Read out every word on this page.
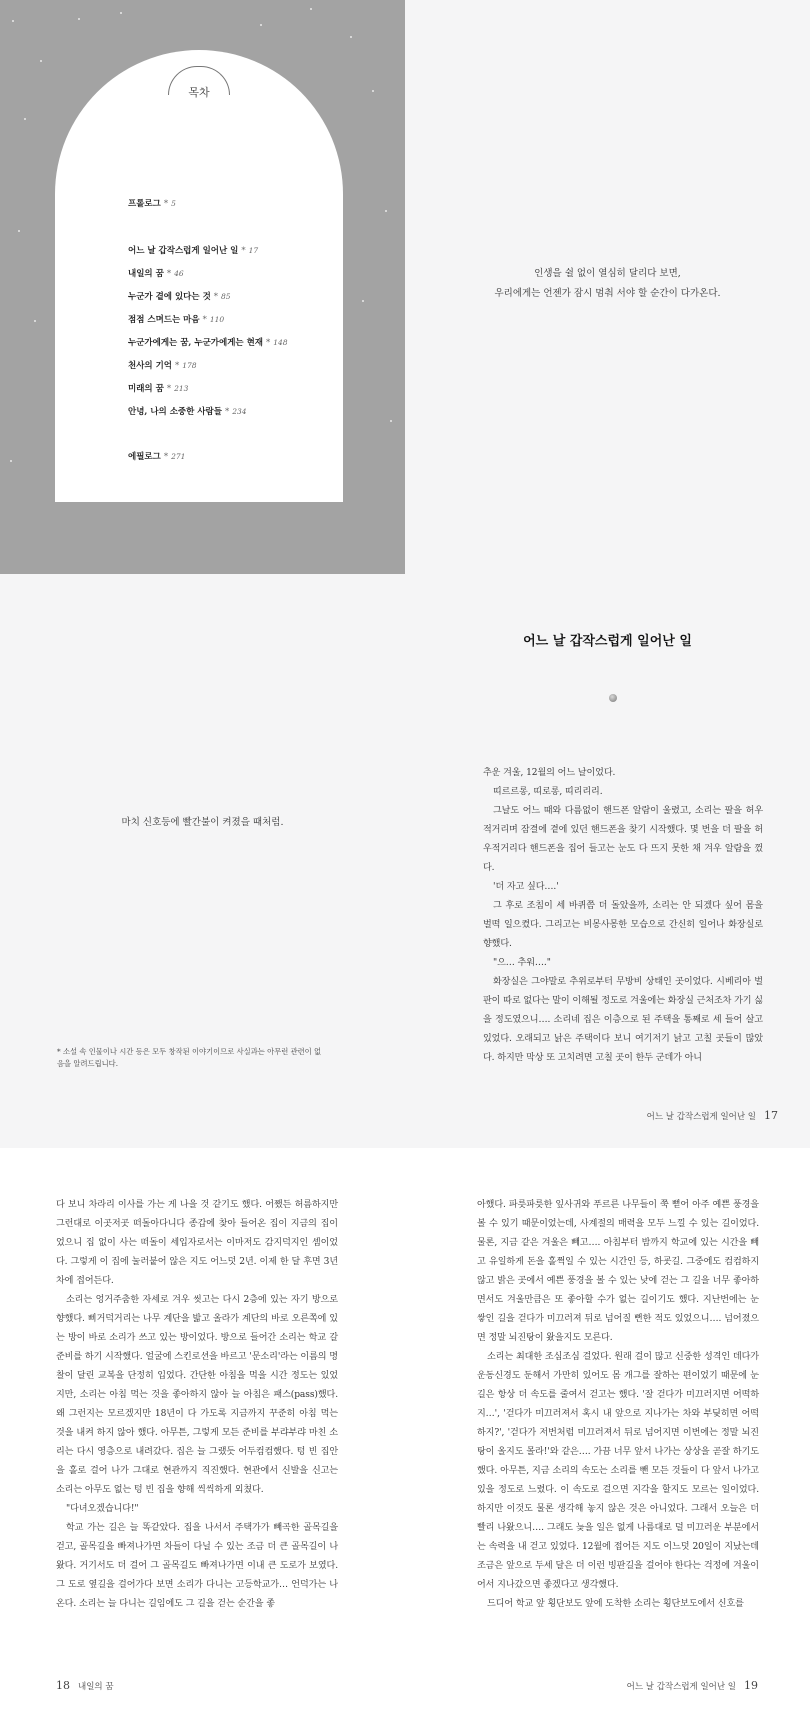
목차
프롤로그 * 5
어느 날 갑작스럽게 일어난 일 * 17
내일의 꿈 * 46
누군가 곁에 있다는 것 * 85
점점 스며드는 마음 * 110
누군가에게는 꿈, 누군가에게는 현재 * 148
천사의 기억 * 178
미래의 꿈 * 213
안녕, 나의 소중한 사람들 * 234
에필로그 * 271
인생을 쉴 없이 열심히 달리다 보면,
우리에게는 언젠가 잠시 멈춰 서야 할 순간이 다가온다.
마치 신호등에 빨간불이 켜졌을 때처럼.
* 소설 속 인물이나 시간 등은 모두 창작된 이야기이므로 사실과는 아무런 관련이 없
음을 알려드립니다.
어느 날 갑작스럽게 일어난 일

추운 겨울, 12월의 어느 날이었다.

띠르르롱, 띠로롱, 띠리리리.

그날도 어느 때와 다름없이 핸드폰 알람이 울렸고, 소리는 팔을 허우적거리며 잠결에 곁에 있던 핸드폰을 찾기 시작했다. 몇 번을 더 팔을 허우적거리다 핸드폰을 집어 들고는 눈도 다 뜨지 못한 채 겨우 알람을 껐다.

'더 자고 싶다….'

그 후로 조침이 세 바퀴쯤 더 돌았을까, 소리는 안 되겠다 싶어 몸을 벌떡 일으켰다. 그리고는 비몽사몽한 모습으로 간신히 일어나 화장실로 향했다.

"으… 추워…."

화장실은 그야말로 추위로부터 무방비 상태인 곳이었다. 시베리아 벌판이 따로 없다는 말이 이해될 정도로 겨울에는 화장실 근처조차 가기 싫을 정도였으니…. 소리네 집은 이층으로 된 주택을 통째로 세 들어 살고 있었다. 오래되고 낡은 주택이다 보니 여기저기 낡고 고칠 곳들이 많았다. 하지만 막상 또 고치려면 고칠 곳이 한두 군데가 아니

어느 날 갑작스럽게 일어난 일 17

다 보니 차라리 이사를 가는 게 나을 것 같기도 했다. 어쨌든 허름하지만 그런대로 이곳저곳 떠돌아다니다 종갑에 찾아 들어온 집이 지금의 집이었으니 집 없이 사는 떠돌이 세입자로서는 이마저도 감지덕지인 셈이었다. 그렇게 이 집에 눌러붙어 않은 지도 어느덧 2년. 이제 한 달 후면 3년 차에 접어든다.

소리는 엉거주춤한 자세로 겨우 씻고는 다시 2층에 있는 자기 방으로 향했다. 삐거덕거리는 나무 계단을 밟고 올라가 계단의 바로 오른쪽에 있는 방이 바로 소리가 쓰고 있는 방이었다. 방으로 들어간 소리는 학교 갈 준비를 하기 시작했다. 얼굴에 스킨로션을 바르고 '문소리'라는 이름의 명찰이 달린 교복을 단정히 입었다. 간단한 아침을 먹을 시간 정도는 있었지만, 소리는 아침 먹는 것을 좋아하지 않아 늘 아침은 패스(pass)했다. 왜 그런지는 모르겠지만 18년이 다 가도록 지금까지 꾸준히 아침 먹는 것을 내켜 하지 않아 했다. 아무튼, 그렇게 모든 준비를 부랴부랴 마친 소리는 다시 영층으로 내려갔다. 집은 늘 그랬듯 어두컴컴했다. 텅 빈 집안을 홀로 걸어 나가 그대로 현관까지 직진했다. 현관에서 신발을 신고는 소리는 아무도 없는 텅 빈 집을 향해 씩씩하게 외쳤다.

"다녀오겠습니다!"

학교 가는 길은 늘 똑같았다. 집을 나서서 주택가가 빼곡한 골목길을 걷고, 골목길을 빠져나가면 차들이 다닐 수 있는 조금 더 큰 골목길이 나왔다. 거기서도 더 걸어 그 골목길도 빠져나가면 이내 큰 도로가 보였다. 그 도로 옆길을 걸어가다 보면 소리가 다니는 고등학교가… 언덕가는 나온다. 소리는 늘 다니는 길임에도 그 길을 걷는 순간을 좋

18 내일의 꿈

아했다. 파릇파릇한 잎사귀와 푸르른 나무들이 쭉 뻗어 아주 예쁜 풍경을 볼 수 있기 때문이었는데, 사계절의 매력을 모두 느낄 수 있는 길이었다. 물론, 지금 같은 겨울은 빼고…. 아침부터 밤까지 학교에 있는 시간을 빼고 유일하게 돈을 홀쩍일 수 있는 시간인 등, 하굣길. 그중에도 컴컴하지 않고 밝은 곳에서 예쁜 풍경을 볼 수 있는 낮에 걷는 그 길을 너무 좋아하면서도 겨울만큼은 또 좋아할 수가 없는 길이기도 했다. 지난번에는 눈 쌓인 길을 걷다가 미끄러져 뒤로 넘어질 뻔한 적도 있었으니…. 넘어졌으면 정말 뇌진탕이 왔을지도 모른다.

소리는 최대한 조심조심 걸었다. 원래 걸이 많고 신중한 성격인 데다가 운동신경도 둔해서 가만히 있어도 몸 개그를 잘하는 편이었기 때문에 눈길은 항상 더 속도를 줄여서 걷고는 했다. '잘 걷다가 미끄러지면 어떡하지…', '걷다가 미끄러져서 혹시 내 앞으로 지나가는 차와 부딪히면 어떡하지?', '걷다가 저번처럼 미끄러져서 뒤로 넘어지면 이번에는 정말 뇌진탕이 올지도 몰라!'와 같은…. 가끔 너무 앞서 나가는 상상을 곧잘 하기도 했다. 아무튼, 지금 소리의 속도는 소리를 뺀 모든 것들이 다 앞서 나가고 있을 정도로 느렸다. 이 속도로 걸으면 지각을 할지도 모르는 일이었다. 하지만 이것도 물론 생각해 놓지 않은 것은 아니었다. 그래서 오늘은 더 빨리 나왔으니…. 그래도 늦을 일은 없게 나름대로 덜 미끄러운 부분에서는 속력을 내 걷고 있었다. 12월에 접어든 지도 이느덧 20일이 지났는데 조금은 앞으로 두세 달은 더 이런 빙판길을 걸어야 한다는 걱정에 겨울이 어서 지나갔으면 좋겠다고 생각했다.

드디어 학교 앞 횡단보도 앞에 도착한 소리는 횡단보도에서 신호를

어느 날 갑작스럽게 일어난 일 19
